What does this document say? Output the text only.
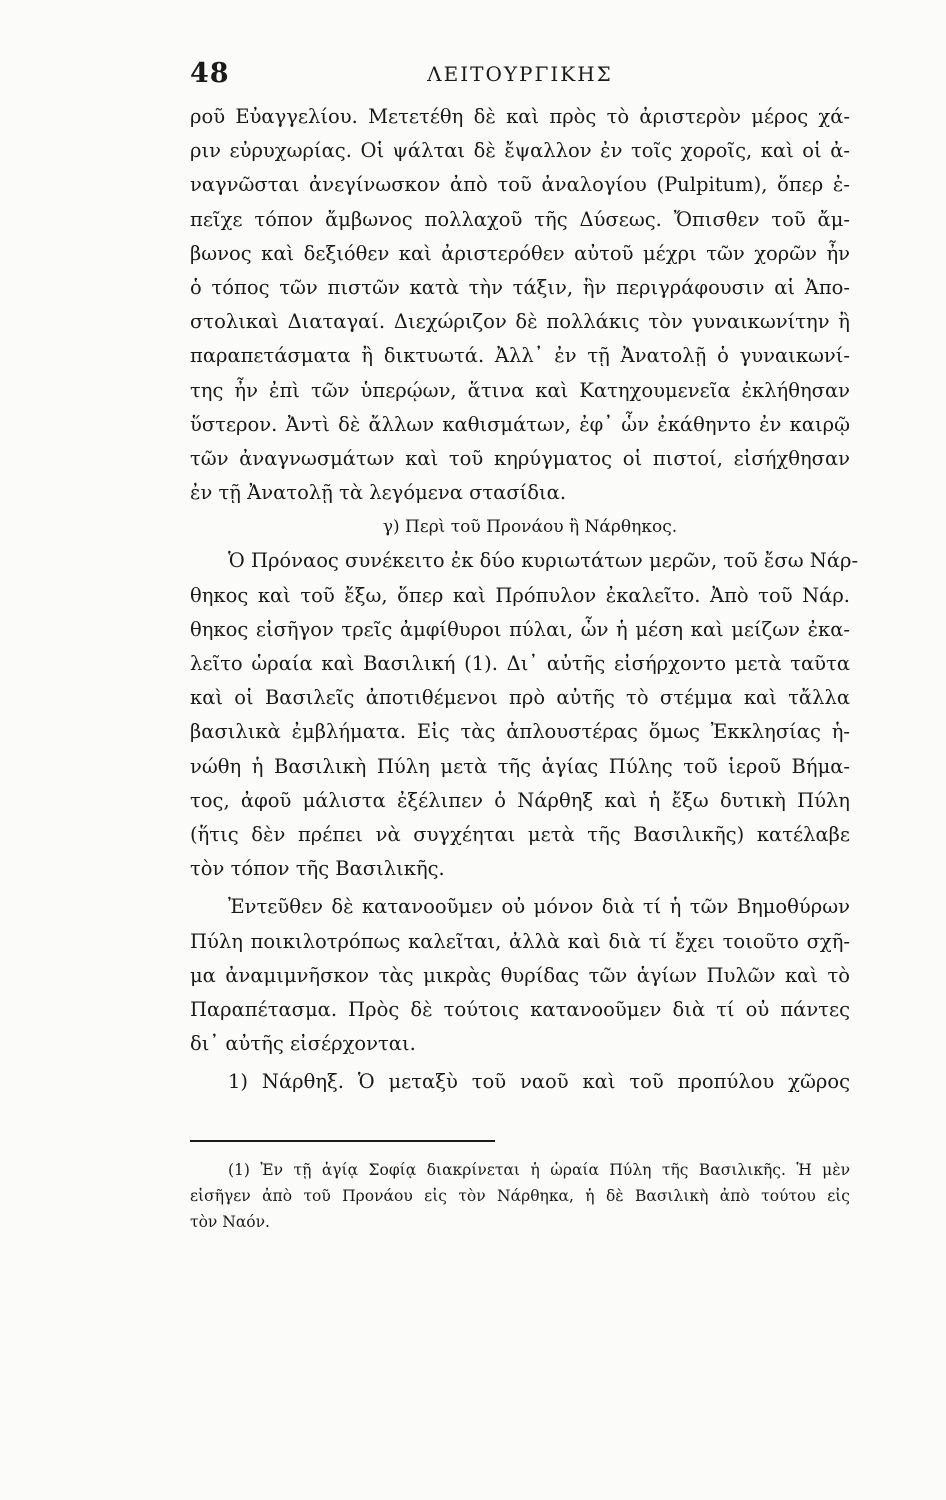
48	ΛΕΙΤΟΥΡΓΙΚΗΣ
ροῦ Εὐαγγελίου. Μετετέθη δὲ καὶ πρὸς τὸ ἀριστερὸν μέρος χά-
ριν εὐρυχωρίας. Οἱ ψάλται δὲ ἔψαλλον ἐν τοῖς χοροῖς, καὶ οἱ ἀ-
ναγνῶσται ἀνεγίνωσκον ἀπὸ τοῦ ἀναλογίου (Pulpitum), ὅπερ ἐ-
πεῖχε τόπον ἄμβωνος πολλαχοῦ τῆς Δύσεως. Ὄπισθεν τοῦ ἄμ-
βωνος καὶ δεξιόθεν καὶ ἀριστερόθεν αὐτοῦ μέχρι τῶν χορῶν ἦν
ὁ τόπος τῶν πιστῶν κατὰ τὴν τάξιν, ἣν περιγράφουσιν αἱ Ἀπο-
στολικαὶ Διαταγαί. Διεχώριζον δὲ πολλάκις τὸν γυναικωνίτην ἢ
παραπετάσματα ἢ δικτυωτά. Ἀλλ᾽ ἐν τῇ Ἀνατολῇ ὁ γυναικωνί-
της ἦν ἐπὶ τῶν ὑπερῴων, ἅτινα καὶ Κατηχουμενεῖα ἐκλήθησαν
ὕστερον. Ἀντὶ δὲ ἄλλων καθισμάτων, ἐφ᾽ ὧν ἐκάθηντο ἐν καιρῷ
τῶν ἀναγνωσμάτων καὶ τοῦ κηρύγματος οἱ πιστοί, εἰσήχθησαν
ἐν τῇ Ἀνατολῇ τὰ λεγόμενα στασίδια.
γ) Περὶ τοῦ Προνάου ἢ Νάρθηκος.
Ὁ Πρόναος συνέκειτο ἐκ δύο κυριωτάτων μερῶν, τοῦ ἔσω Νάρ-
θηκος καὶ τοῦ ἔξω, ὅπερ καὶ Πρόπυλον ἐκαλεῖτο. Ἀπὸ τοῦ Νάρ.
θηκος εἰσῆγον τρεῖς ἀμφίθυροι πύλαι, ὧν ἡ μέση καὶ μείζων ἐκα-
λεῖτο ὡραία καὶ Βασιλική (1). Δι᾽ αὐτῆς εἰσήρχοντο μετὰ ταῦτα
καὶ οἱ Βασιλεῖς ἀποτιθέμενοι πρὸ αὐτῆς τὸ στέμμα καὶ τἄλλα
βασιλικὰ ἐμβλήματα. Εἰς τὰς ἁπλουστέρας ὅμως Ἐκκλησίας ἡ-
νώθη ἡ Βασιλικὴ Πύλη μετὰ τῆς ἁγίας Πύλης τοῦ ἱεροῦ Βήμα-
τος, ἀφοῦ μάλιστα ἐξέλιπεν ὁ Νάρθηξ καὶ ἡ ἔξω δυτικὴ Πύλη
(ἥτις δὲν πρέπει νὰ συγχέηται μετὰ τῆς Βασιλικῆς) κατέλαβε
τὸν τόπον τῆς Βασιλικῆς.
Ἐντεῦθεν δὲ κατανοοῦμεν οὐ μόνον διὰ τί ἡ τῶν Βημοθύρων
Πύλη ποικιλοτρόπως καλεῖται, ἀλλὰ καὶ διὰ τί ἔχει τοιοῦτο σχῆ-
μα ἀναμιμνῆσκον τὰς μικρὰς θυρίδας τῶν ἁγίων Πυλῶν καὶ τὸ
Παραπέτασμα. Πρὸς δὲ τούτοις κατανοοῦμεν διὰ τί οὐ πάντες
δι᾽ αὐτῆς εἰσέρχονται.
1) Νάρθηξ. Ὁ μεταξὺ τοῦ ναοῦ καὶ τοῦ προπύλου χῶρος
(1) Ἐν τῇ ἁγίᾳ Σοφίᾳ διακρίνεται ἡ ὡραία Πύλη τῆς Βασιλικῆς. Ἡ μὲν
εἰσῆγεν ἀπὸ τοῦ Προνάου εἰς τὸν Νάρθηκα, ἡ δὲ Βασιλικὴ ἀπὸ τούτου εἰς
τὸν Ναόν.
